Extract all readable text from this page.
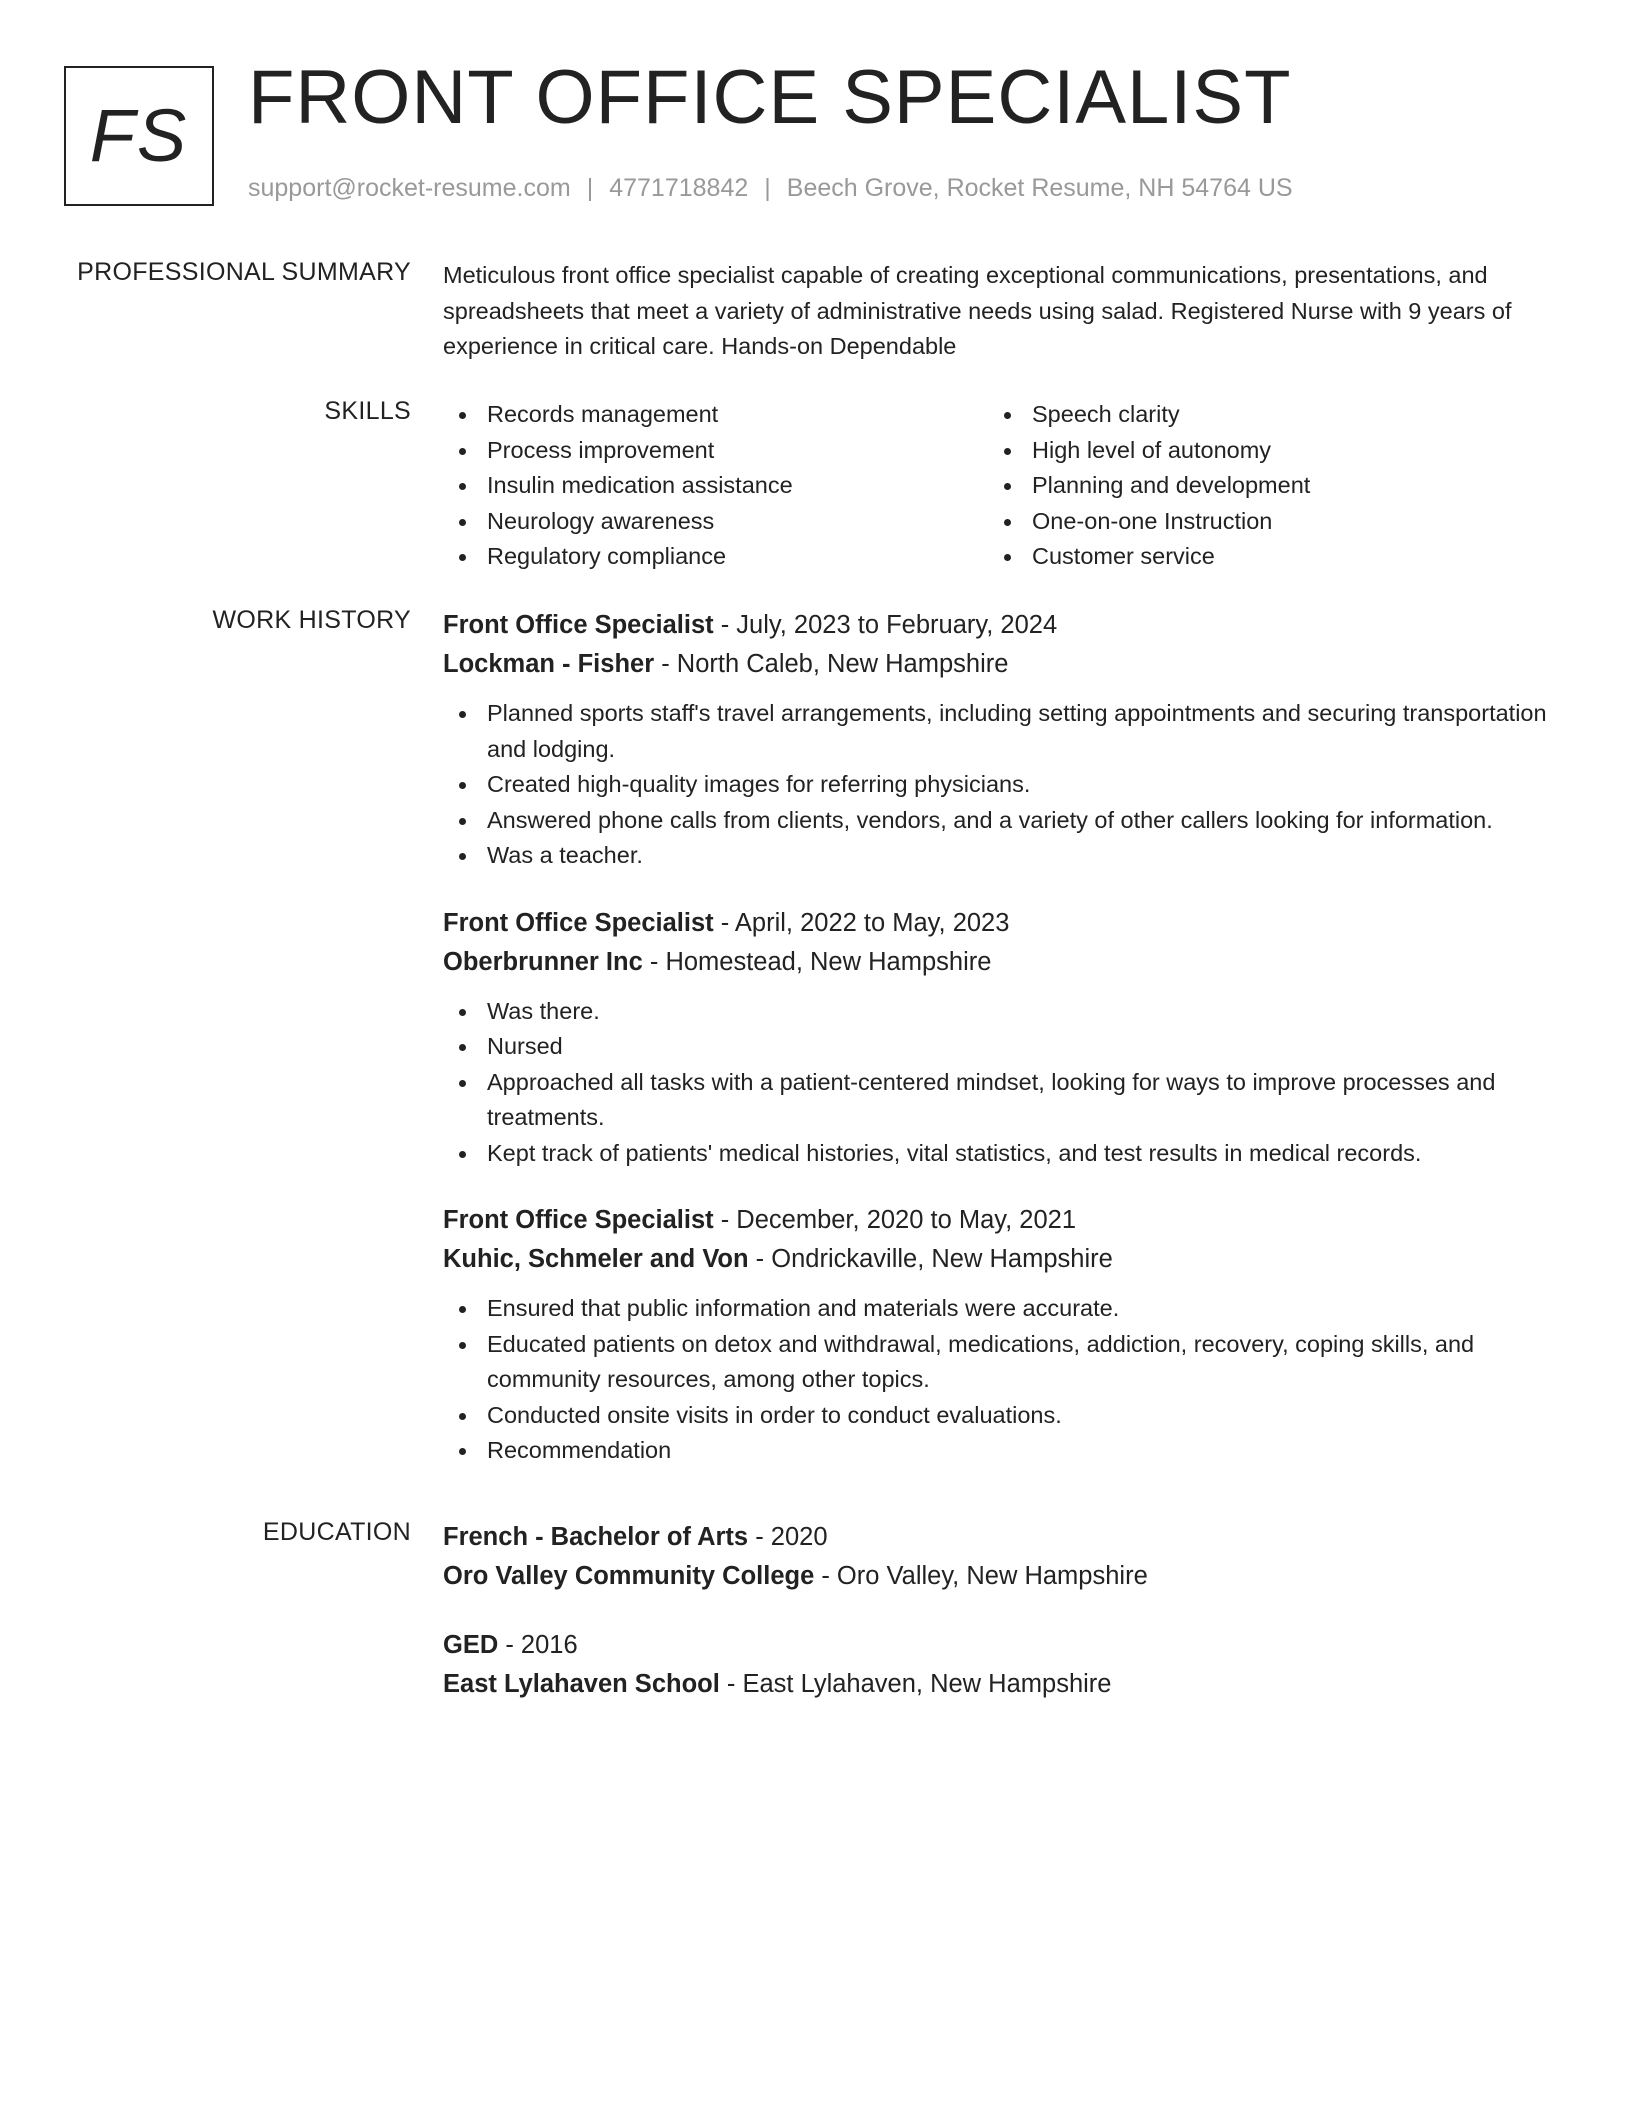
FS FRONT OFFICE SPECIALIST
support@rocket-resume.com | 4771718842 | Beech Grove, Rocket Resume, NH 54764 US
PROFESSIONAL SUMMARY Meticulous front office specialist capable of creating exceptional communications, presentations, and spreadsheets that meet a variety of administrative needs using salad. Registered Nurse with 9 years of experience in critical care. Hands-on Dependable

SKILLS	Records management
Process improvement
Insulin medication assistance
Neurology awareness
Regulatory compliance
Speech clarity
High level of autonomy
Planning and development
One-on-one Instruction
Customer service
WORK HISTORY Front Office Specialist - July, 2023 to February, 2024
Lockman - Fisher - North Caleb, New Hampshire
Planned sports staff's travel arrangements, including setting appointments and securing transportation and lodging.
Created high-quality images for referring physicians.
Answered phone calls from clients, vendors, and a variety of other callers looking for information.
Was a teacher.
Front Office Specialist - April, 2022 to May, 2023
Oberbrunner Inc - Homestead, New Hampshire
Was there.
Nursed
Approached all tasks with a patient-centered mindset, looking for ways to improve processes and treatments.
Kept track of patients' medical histories, vital statistics, and test results in medical records.
Front Office Specialist - December, 2020 to May, 2021
Kuhic, Schmeler and Von - Ondrickaville, New Hampshire
Ensured that public information and materials were accurate.
Educated patients on detox and withdrawal, medications, addiction, recovery, coping skills, and community resources, among other topics.
Conducted onsite visits in order to conduct evaluations.
Recommendation
EDUCATION French - Bachelor of Arts - 2020
Oro Valley Community College - Oro Valley, New Hampshire
GED - 2016
East Lylahaven School - East Lylahaven, New Hampshire
